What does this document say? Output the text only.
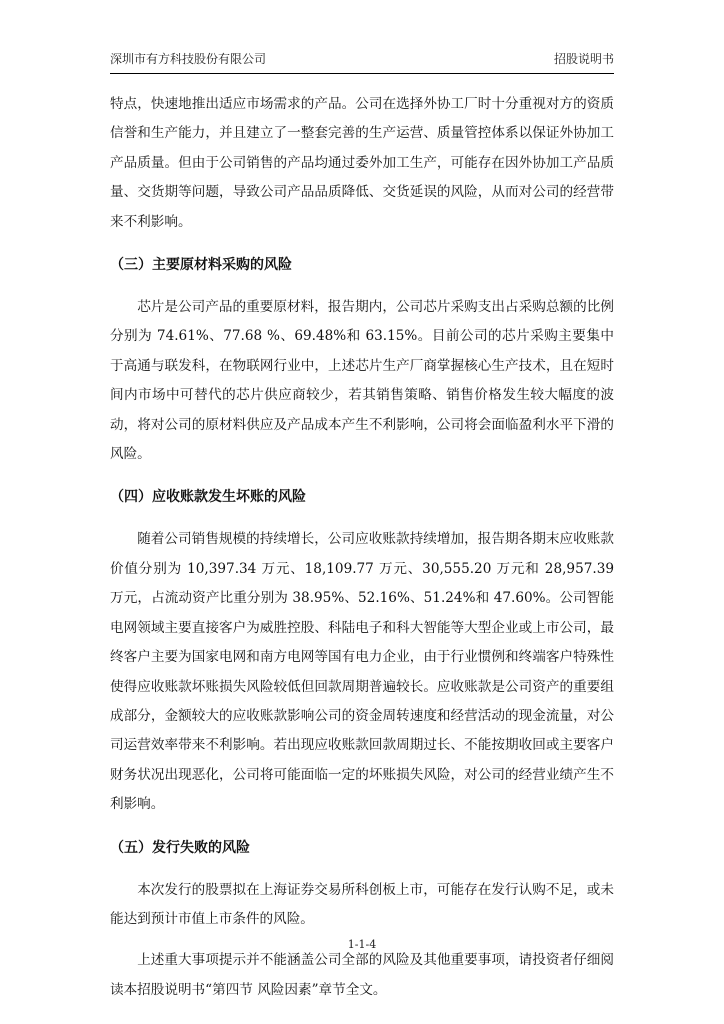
深圳市有方科技股份有限公司	招股说明书

特点，快速地推出适应市场需求的产品。公司在选择外协工厂时十分重视对方的资质信誉和生产能力，并且建立了一整套完善的生产运营、质量管控体系以保证外协加工产品质量。但由于公司销售的产品均通过委外加工生产，可能存在因外协加工产品质量、交货期等问题，导致公司产品品质降低、交货延误的风险，从而对公司的经营带来不利影响。

（三）主要原材料采购的风险

芯片是公司产品的重要原材料，报告期内，公司芯片采购支出占采购总额的比例分别为 74.61%、77.68 %、69.48%和 63.15%。目前公司的芯片采购主要集中于高通与联发科，在物联网行业中，上述芯片生产厂商掌握核心生产技术，且在短时间内市场中可替代的芯片供应商较少，若其销售策略、销售价格发生较大幅度的波动，将对公司的原材料供应及产品成本产生不利影响，公司将会面临盈利水平下滑的风险。

（四）应收账款发生坏账的风险

随着公司销售规模的持续增长，公司应收账款持续增加，报告期各期末应收账款价值分别为 10,397.34 万元、18,109.77 万元、30,555.20 万元和 28,957.39 万元，占流动资产比重分别为 38.95%、52.16%、51.24%和 47.60%。公司智能电网领域主要直接客户为威胜控股、科陆电子和科大智能等大型企业或上市公司，最终客户主要为国家电网和南方电网等国有电力企业，由于行业惯例和终端客户特殊性使得应收账款坏账损失风险较低但回款周期普遍较长。应收账款是公司资产的重要组成部分，金额较大的应收账款影响公司的资金周转速度和经营活动的现金流量，对公司运营效率带来不利影响。若出现应收账款回款周期过长、不能按期收回或主要客户财务状况出现恶化，公司将可能面临一定的坏账损失风险，对公司的经营业绩产生不利影响。

（五）发行失败的风险

本次发行的股票拟在上海证券交易所科创板上市，可能存在发行认购不足，或未能达到预计市值上市条件的风险。

上述重大事项提示并不能涵盖公司全部的风险及其他重要事项，请投资者仔细阅读本招股说明书“第四节 风险因素”章节全文。

1-1-4
